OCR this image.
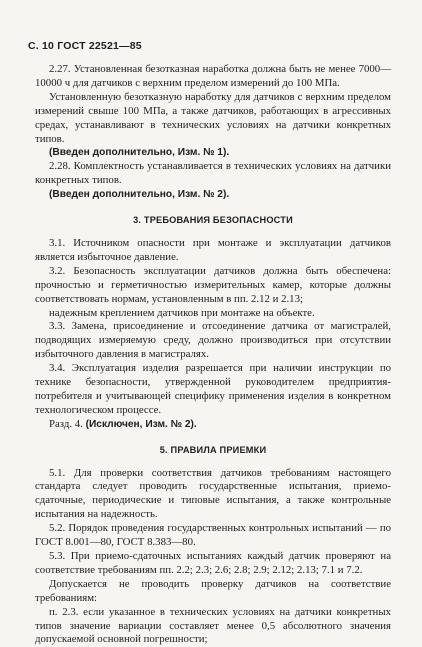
С. 10 ГОСТ 22521—85

2.27. Установленная безотказная наработка должна быть не менее 7000—10000 ч для датчиков с верхним пределом измерений до 100 МПа.

Установленную безотказную наработку для датчиков с верхним пределом измерений свыше 100 МПа, а также датчиков, работающих в агрессивных средах, устанавливают в технических условиях на датчики конкретных типов.

(Введен дополнительно, Изм. № 1).

2.28. Комплектность устанавливается в технических условиях на датчики конкретных типов.

(Введен дополнительно, Изм. № 2).

3. ТРЕБОВАНИЯ БЕЗОПАСНОСТИ

3.1. Источником опасности при монтаже и эксплуатации датчиков является избыточное давление.

3.2. Безопасность эксплуатации датчиков должна быть обеспечена: прочностью и герметичностью измерительных камер, которые должны соответствовать нормам, установленным в пп. 2.12 и 2.13;

надежным креплением датчиков при монтаже на объекте.

3.3. Замена, присоединение и отсоединение датчика от магистралей, подводящих измеряемую среду, должно производиться при отсутствии избыточного давления в магистралях.

3.4. Эксплуатация изделия разрешается при наличии инструкции по технике безопасности, утвержденной руководителем предприятия-потребителя и учитывающей специфику применения изделия в конкретном технологическом процессе.

Разд. 4. (Исключен, Изм. № 2).

5. ПРАВИЛА ПРИЕМКИ

5.1. Для проверки соответствия датчиков требованиям настоящего стандарта следует проводить государственные испытания, приемо-сдаточные, периодические и типовые испытания, а также контрольные испытания на надежность.

5.2. Порядок проведения государственных контрольных испытаний — по ГОСТ 8.001—80, ГОСТ 8.383—80.

5.3. При приемо-сдаточных испытаниях каждый датчик проверяют на соответствие требованиям пп. 2.2; 2.3; 2.6; 2.8; 2.9; 2.12; 2.13; 7.1 и 7.2.

Допускается не проводить проверку датчиков на соответствие требованиям:

п. 2.3. если указанное в технических условиях на датчики конкретных типов значение вариации составляет менее 0,5 абсолютного значения допускаемой основной погрешности;
